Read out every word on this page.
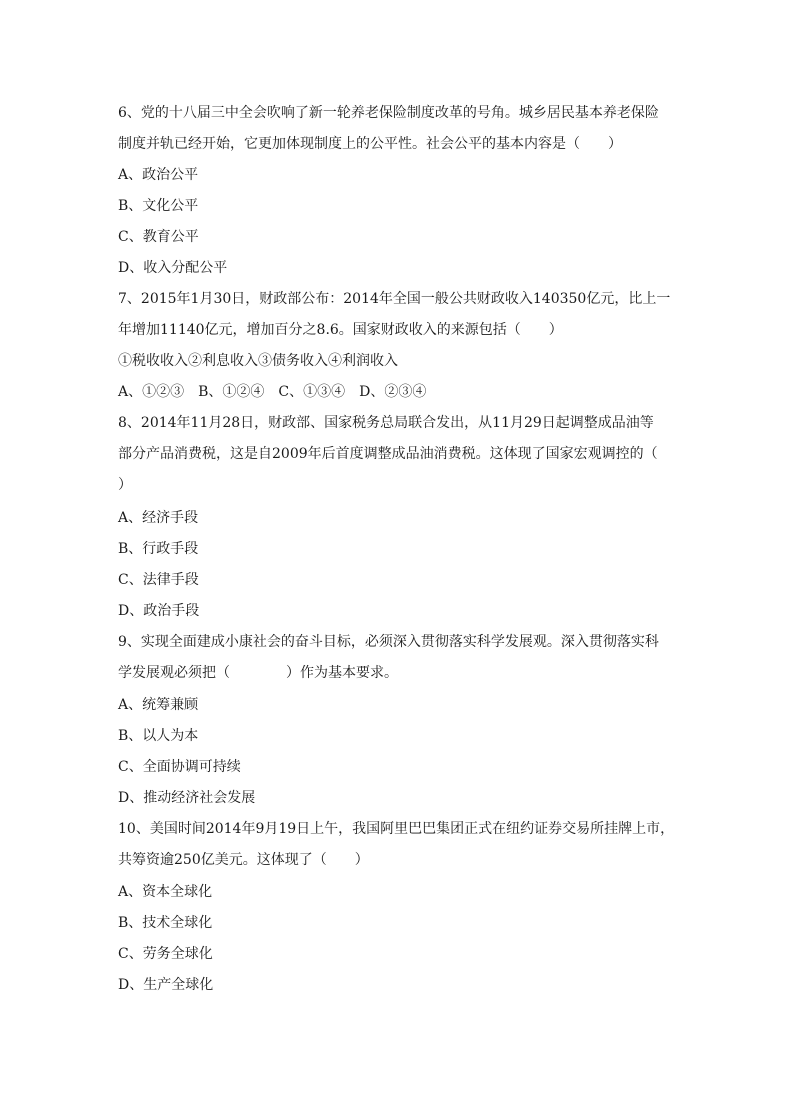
6、党的十八届三中全会吹响了新一轮养老保险制度改革的号角。城乡居民基本养老保险
制度并轨已经开始，它更加体现制度上的公平性。社会公平的基本内容是（　　）
A、政治公平
B、文化公平
C、教育公平
D、收入分配公平
7、2015年1月30日，财政部公布：2014年全国一般公共财政收入140350亿元，比上一
年增加11140亿元，增加百分之8.6。国家财政收入的来源包括（　　）
①税收收入②利息收入③债务收入④利润收入
A、①②③　B、①②④　C、①③④　D、②③④
8、2014年11月28日，财政部、国家税务总局联合发出，从11月29日起调整成品油等
部分产品消费税，这是自2009年后首度调整成品油消费税。这体现了国家宏观调控的（
）
A、经济手段
B、行政手段
C、法律手段
D、政治手段
9、实现全面建成小康社会的奋斗目标，必须深入贯彻落实科学发展观。深入贯彻落实科
学发展观必须把（　　　　）作为基本要求。
A、统筹兼顾
B、以人为本
C、全面协调可持续
D、推动经济社会发展
10、美国时间2014年9月19日上午，我国阿里巴巴集团正式在纽约证券交易所挂牌上市，
共筹资逾250亿美元。这体现了（　　）
A、资本全球化
B、技术全球化
C、劳务全球化
D、生产全球化
